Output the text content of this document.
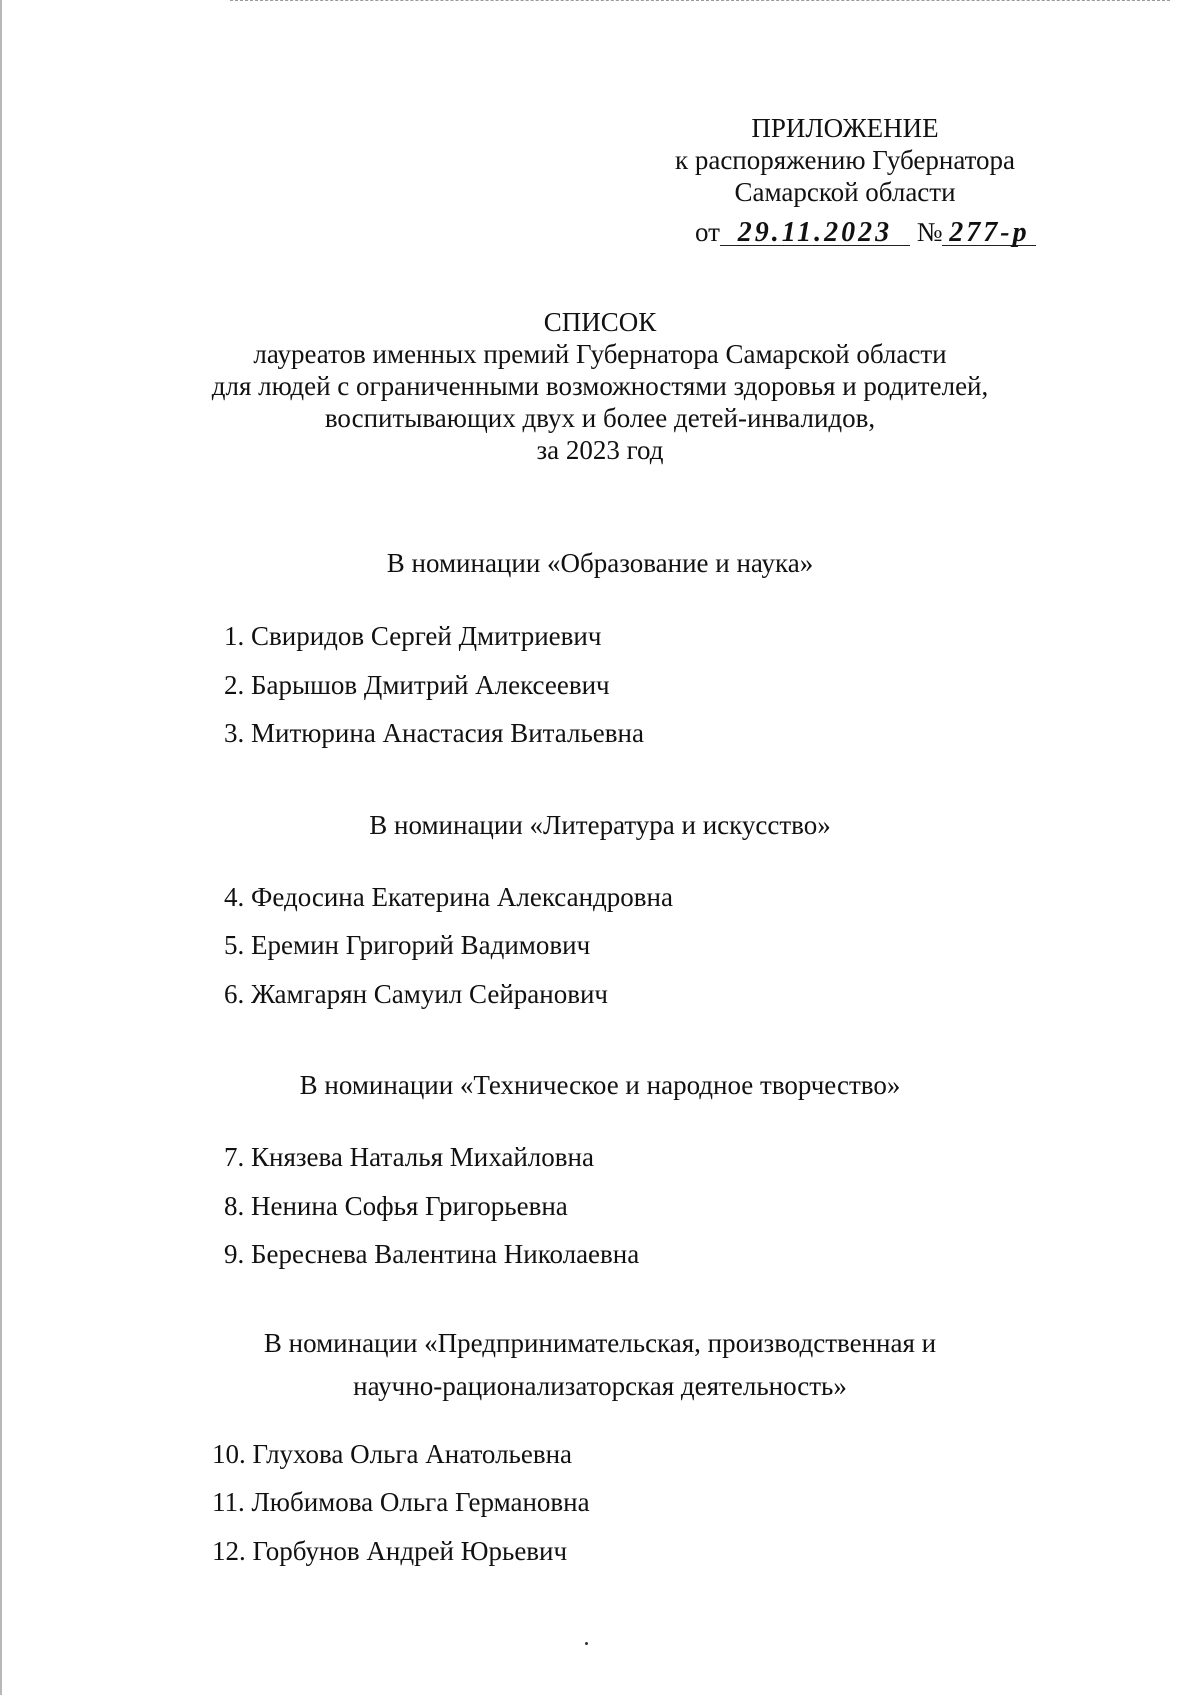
ПРИЛОЖЕНИЕ
к распоряжению Губернатора
Самарской области
от 29.11.2023 № 277-р
СПИСОК
лауреатов именных премий Губернатора Самарской области
для людей с ограниченными возможностями здоровья и родителей,
воспитывающих двух и более детей-инвалидов,
за 2023 год
В номинации «Образование и наука»
1. Свиридов Сергей Дмитриевич
2. Барышов Дмитрий Алексеевич
3. Митюрина Анастасия Витальевна
В номинации «Литература и искусство»
4. Федосина Екатерина Александровна
5. Еремин Григорий Вадимович
6. Жамгарян Самуил Сейранович
В номинации «Техническое и народное творчество»
7. Князева Наталья Михайловна
8. Ненина Софья Григорьевна
9. Береснева Валентина Николаевна
В номинации «Предпринимательская, производственная и
научно-рационализаторская деятельность»
10. Глухова Ольга Анатольевна
11. Любимова Ольга Германовна
12. Горбунов Андрей Юрьевич
